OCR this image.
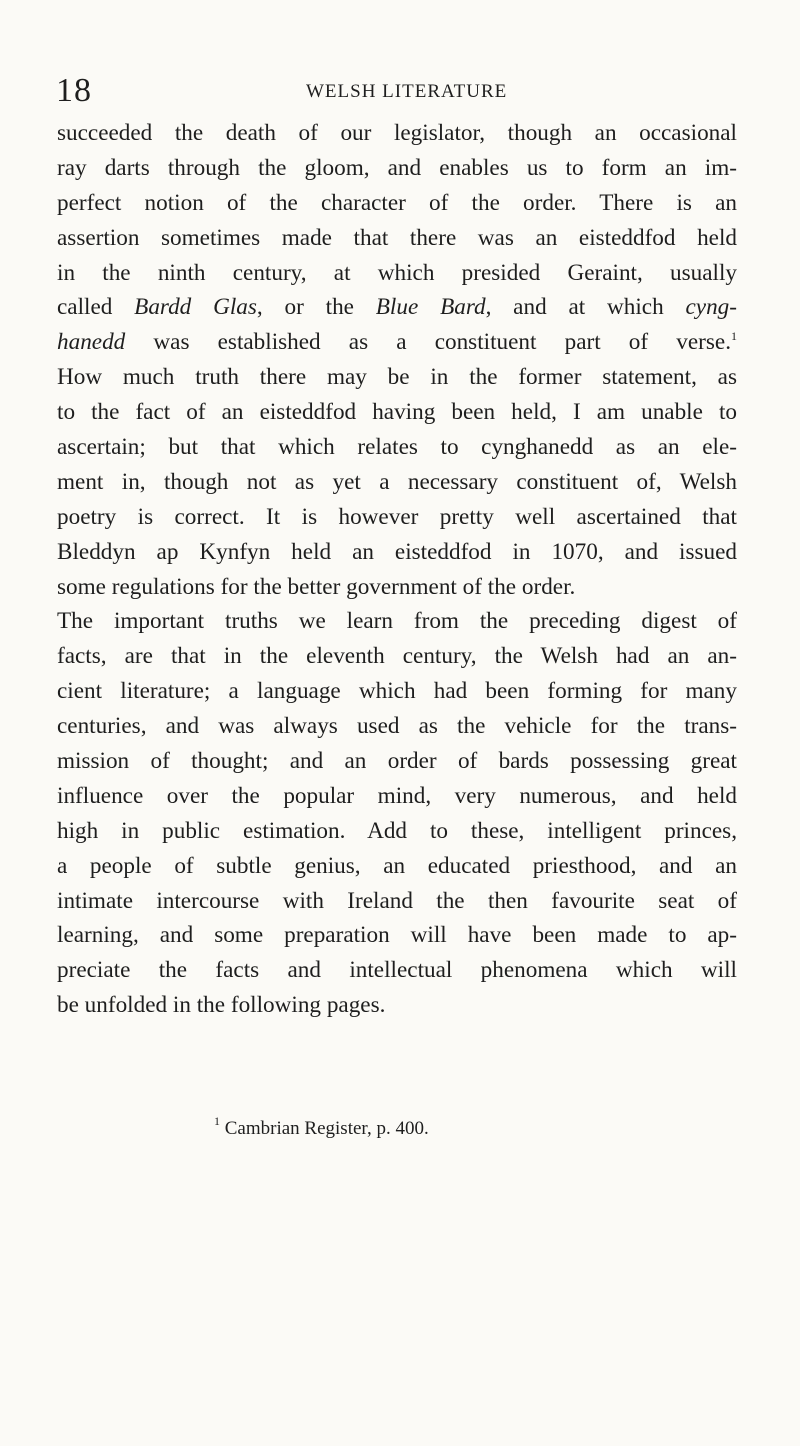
18	WELSH LITERATURE
succeeded the death of our legislator, though an occasional
ray darts through the gloom, and enables us to form an im-
perfect notion of the character of the order. There is an
assertion sometimes made that there was an eisteddfod held
in the ninth century, at which presided Geraint, usually
called Bardd Glas, or the Blue Bard, and at which cyng-
hanedd was established as a constituent part of verse.$^1$
How much truth there may be in the former statement, as
to the fact of an eisteddfod having been held, I am unable to
ascertain; but that which relates to cynghanedd as an ele-
ment in, though not as yet a necessary constituent of, Welsh
poetry is correct. It is however pretty well ascertained that
Bleddyn ap Kynfyn held an eisteddfod in 1070, and issued
some regulations for the better government of the order.
The important truths we learn from the preceding digest of
facts, are that in the eleventh century, the Welsh had an an-
cient literature; a language which had been forming for many
centuries, and was always used as the vehicle for the trans-
mission of thought; and an order of bards possessing great
influence over the popular mind, very numerous, and held
high in public estimation. Add to these, intelligent princes,
a people of subtle genius, an educated priesthood, and an
intimate intercourse with Ireland the then favourite seat of
learning, and some preparation will have been made to ap-
preciate the facts and intellectual phenomena which will
be unfolded in the following pages.
$^1$ Cambrian Register, p. 400.
